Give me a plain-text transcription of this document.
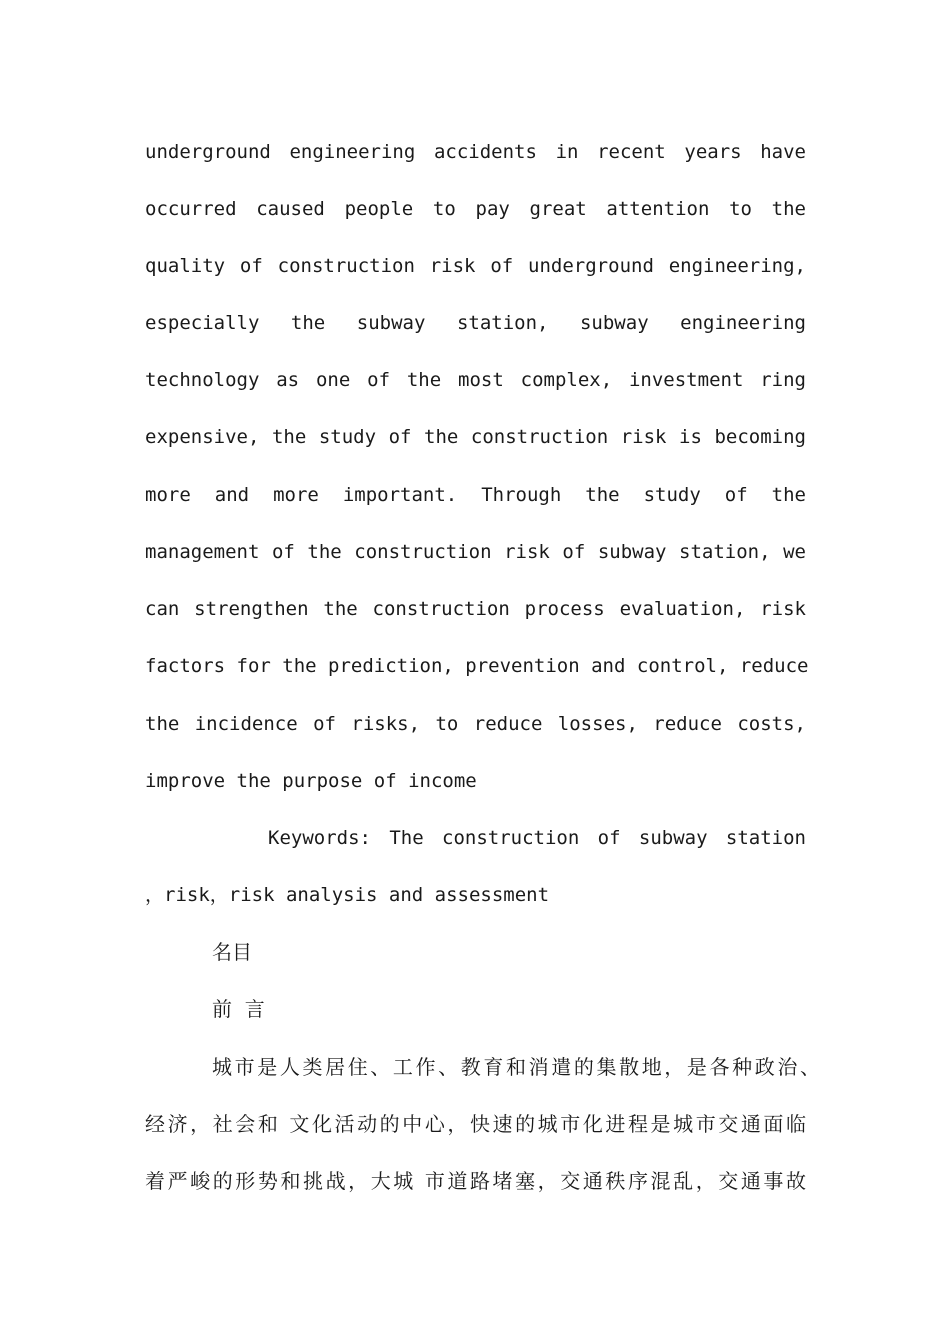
underground engineering accidents in recent years have
occurred caused people to pay great attention to the
quality of construction risk of underground engineering,
especially the subway station, subway engineering
technology as one of the most complex, investment ring
expensive, the study of the construction risk is becoming
more and more important. Through the study of the
management of the construction risk of subway station, we
can strengthen the construction process evaluation, risk
factors for the prediction, prevention and control, reduce
the incidence of risks, to reduce losses, reduce costs,
improve the purpose of income
Keywords: The construction of subway station
，risk，risk analysis and assessment
名目
前  言
城市是人类居住、工作、教育和消遣的集散地，是各种政治、
经济，社会和 文化活动的中心，快速的城市化进程是城市交通面临
着严峻的形势和挑战，大城 市道路堵塞，交通秩序混乱，交通事故
